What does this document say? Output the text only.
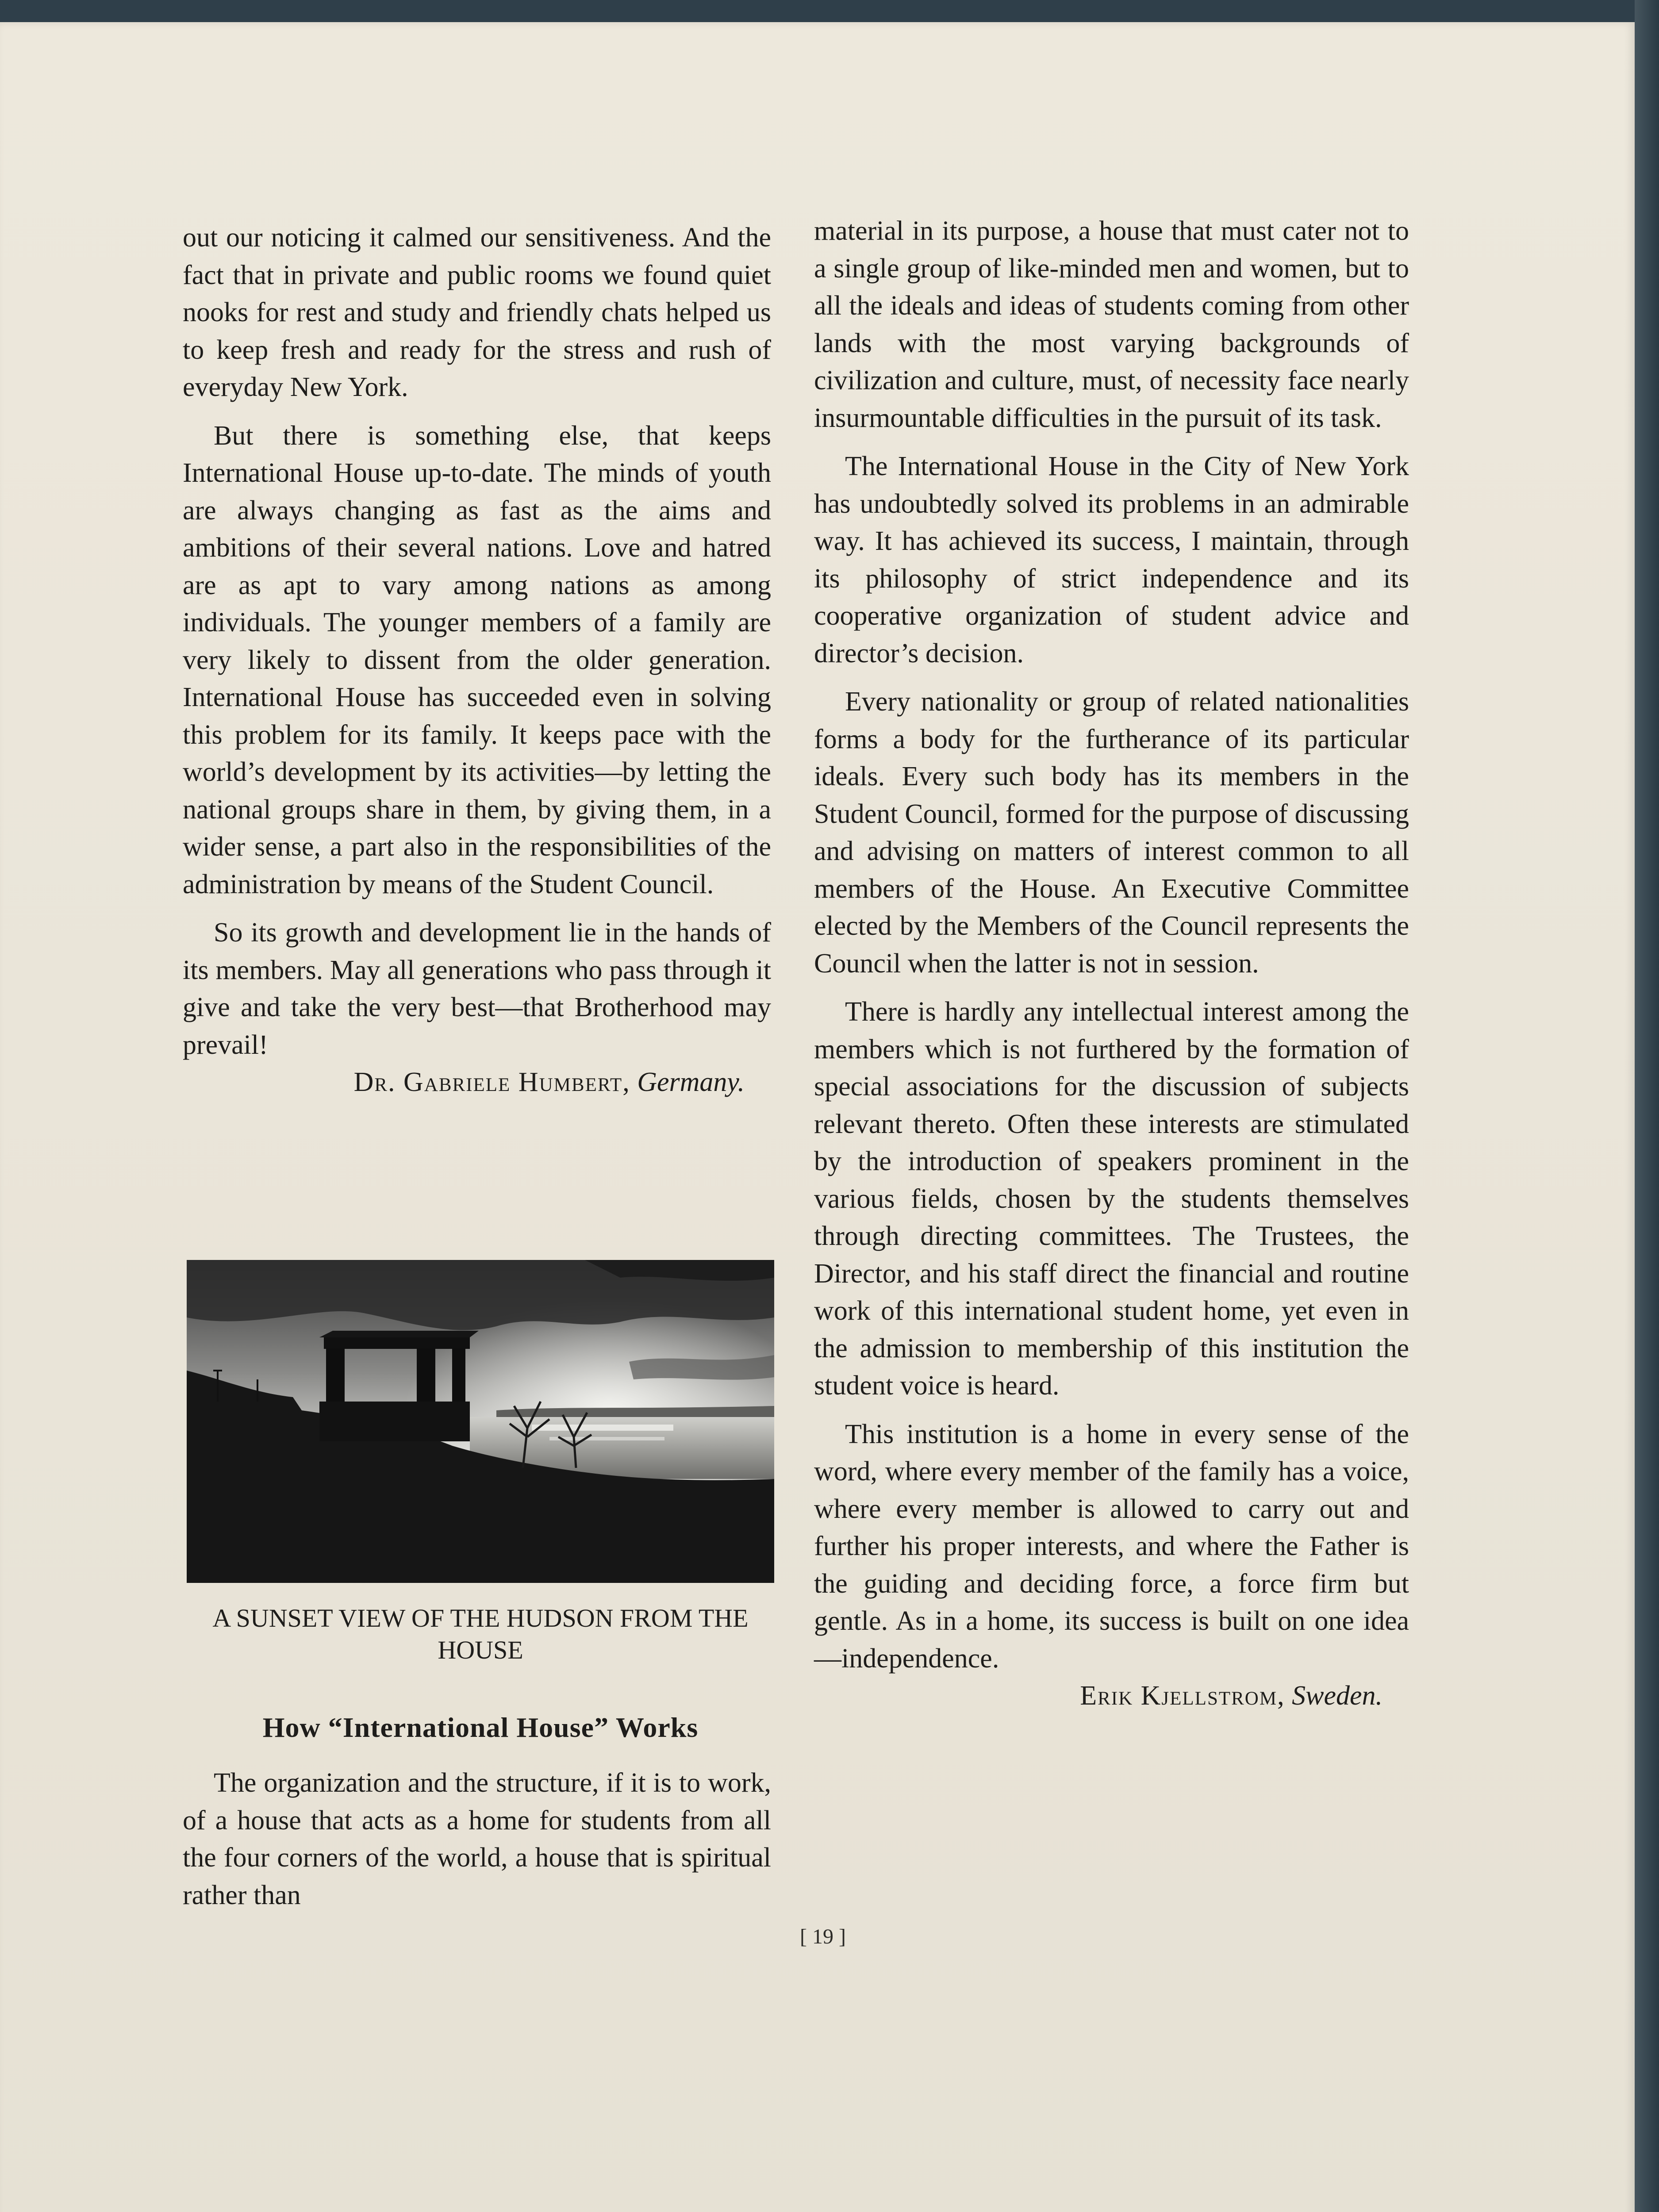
out our noticing it calmed our sensitiveness. And the fact that in private and public rooms we found quiet nooks for rest and study and friendly chats helped us to keep fresh and ready for the stress and rush of everyday New York.

But there is something else, that keeps International House up-to-date. The minds of youth are always changing as fast as the aims and ambitions of their several nations. Love and hatred are as apt to vary among nations as among individuals. The younger members of a family are very likely to dissent from the older generation. International House has succeeded even in solving this problem for its family. It keeps pace with the world’s development by its activities—by letting the national groups share in them, by giving them, in a wider sense, a part also in the responsibilities of the administration by means of the Student Council.

So its growth and development lie in the hands of its members. May all generations who pass through it give and take the very best—that Brotherhood may prevail!

Dr. Gabriele Humbert, Germany.
A SUNSET VIEW OF THE HUDSON FROM THE HOUSE
How “International House” Works

The organization and the structure, if it is to work, of a house that acts as a home for students from all the four corners of the world, a house that is spiritual rather than

material in its purpose, a house that must cater not to a single group of like-minded men and women, but to all the ideals and ideas of students coming from other lands with the most varying backgrounds of civilization and culture, must, of necessity face nearly insurmountable difficulties in the pursuit of its task.

The International House in the City of New York has undoubtedly solved its problems in an admirable way. It has achieved its success, I maintain, through its philosophy of strict independence and its cooperative organization of student advice and director’s decision.

Every nationality or group of related nationalities forms a body for the furtherance of its particular ideals. Every such body has its members in the Student Council, formed for the purpose of discussing and advising on matters of interest common to all members of the House. An Executive Committee elected by the Members of the Council represents the Council when the latter is not in session.

There is hardly any intellectual interest among the members which is not furthered by the formation of special associations for the discussion of subjects relevant thereto. Often these interests are stimulated by the introduction of speakers prominent in the various fields, chosen by the students themselves through directing committees. The Trustees, the Director, and his staff direct the financial and routine work of this international student home, yet even in the admission to membership of this institution the student voice is heard.

This institution is a home in every sense of the word, where every member of the family has a voice, where every member is allowed to carry out and further his proper interests, and where the Father is the guiding and deciding force, a force firm but gentle. As in a home, its success is built on one idea—independence.

Erik Kjellstrom, Sweden.
[ 19 ]
